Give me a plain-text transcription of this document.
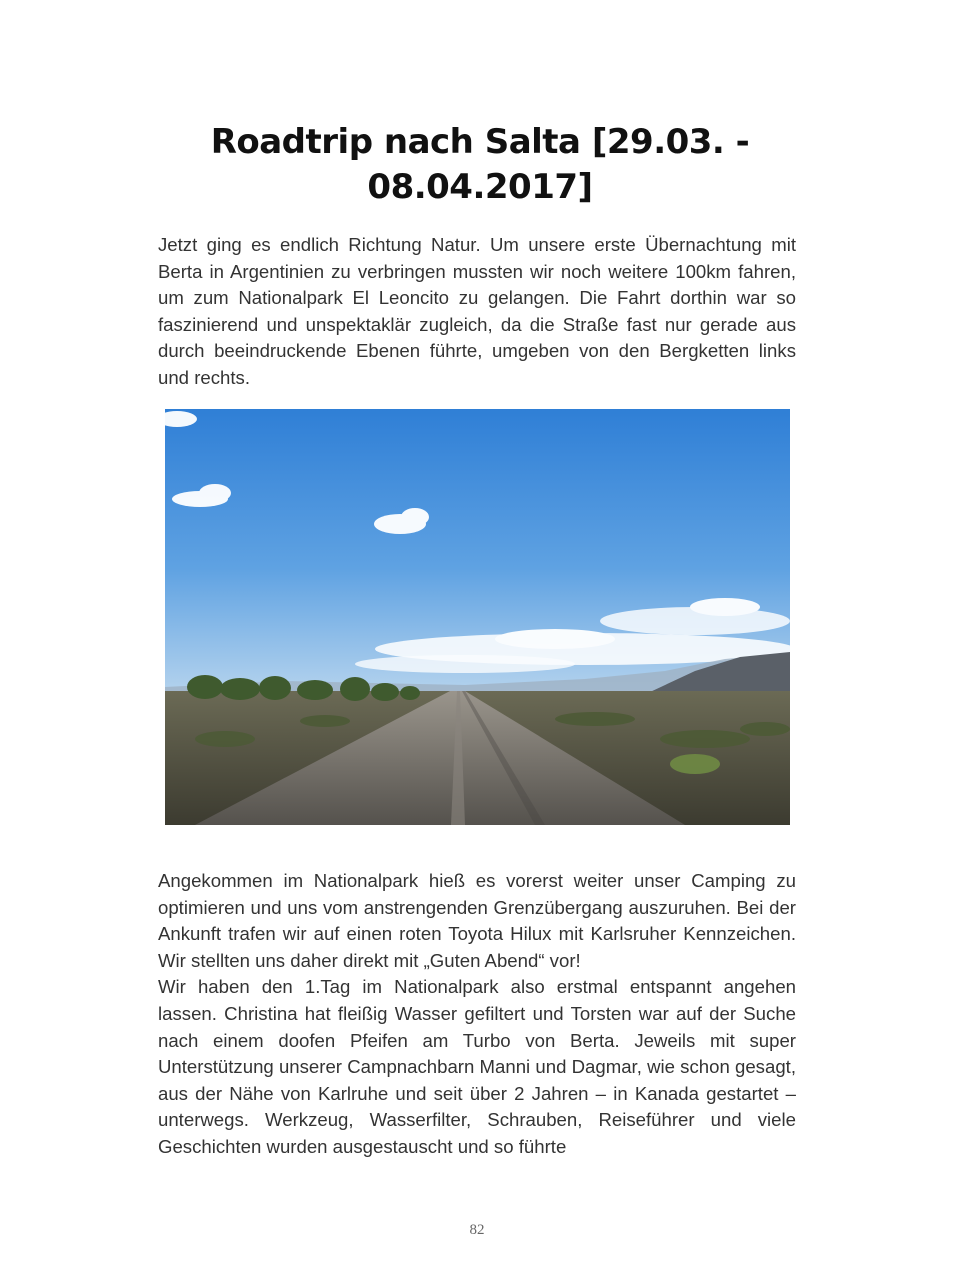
Roadtrip nach Salta [29.03. -
08.04.2017]

Jetzt ging es endlich Richtung Natur. Um unsere erste Übernachtung mit Berta in Argentinien zu verbringen mussten wir noch weitere 100km fahren, um zum Nationalpark El Leoncito zu gelangen. Die Fahrt dorthin war so faszinierend und unspektaklär zugleich, da die Straße fast nur gerade aus durch beeindruckende Ebenen führte, umgeben von den Bergketten links und rechts.

Angekommen im Nationalpark hieß es vorerst weiter unser Camping zu optimieren und uns vom anstrengenden Grenzübergang auszuruhen. Bei der Ankunft trafen wir auf einen roten Toyota Hilux mit Karlsruher Kennzeichen. Wir stellten uns daher direkt mit „Guten Abend“ vor!

Wir haben den 1.Tag im Nationalpark also erstmal entspannt angehen lassen. Christina hat fleißig Wasser gefiltert und Torsten war auf der Suche nach einem doofen Pfeifen am Turbo von Berta. Jeweils mit super Unterstützung unserer Campnachbarn Manni und Dagmar, wie schon gesagt, aus der Nähe von Karlruhe und seit über 2 Jahren – in Kanada gestartet – unterwegs. Werkzeug, Wasserfilter, Schrauben, Reiseführer und viele Geschichten wurden ausgestauscht und so führte

82
